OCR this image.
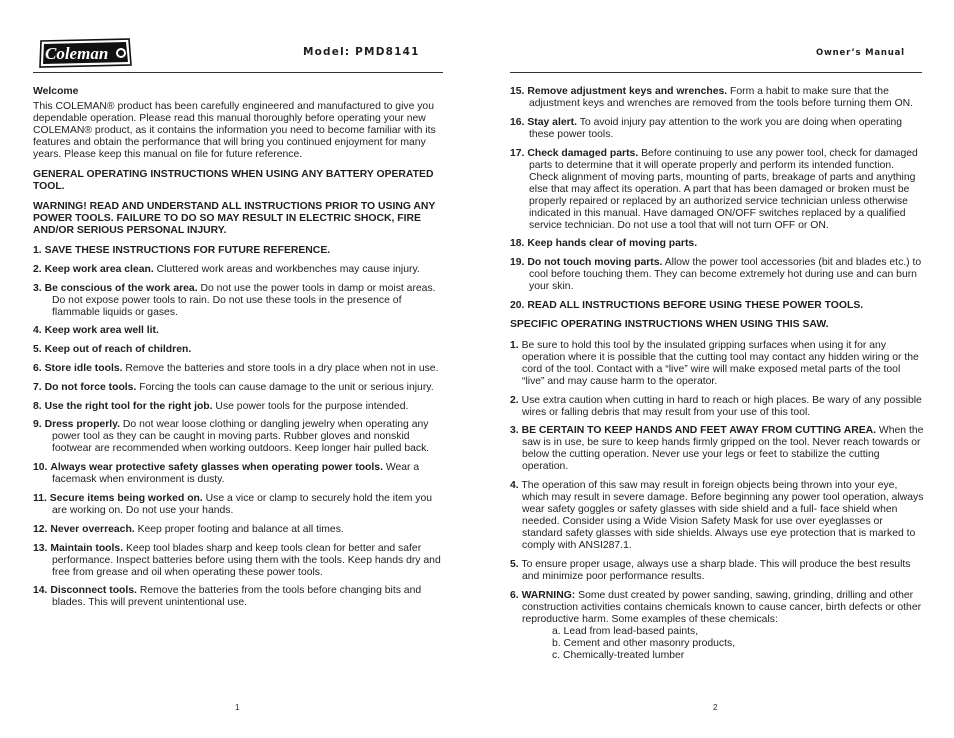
Coleman	Model: PMD8141

Welcome

This COLEMAN® product has been carefully engineered and manufactured to give you dependable operation. Please read this manual thoroughly before operating your new COLEMAN® product, as it contains the information you need to become familiar with its features and obtain the performance that will bring you continued enjoyment for many years. Please keep this manual on file for future reference.

GENERAL OPERATING INSTRUCTIONS WHEN USING ANY BATTERY OPERATED TOOL.

WARNING! READ AND UNDERSTAND ALL INSTRUCTIONS PRIOR TO USING ANY POWER TOOLS. FAILURE TO DO SO MAY RESULT IN ELECTRIC SHOCK, FIRE AND/OR SERIOUS PERSONAL INJURY.

1. SAVE THESE INSTRUCTIONS FOR FUTURE REFERENCE.

2. Keep work area clean. Cluttered work areas and workbenches may cause injury.

3. Be conscious of the work area. Do not use the power tools in damp or moist areas. Do not expose power tools to rain. Do not use these tools in the presence of flammable liquids or gases.

4. Keep work area well lit.

5. Keep out of reach of children.

6. Store idle tools. Remove the batteries and store tools in a dry place when not in use.

7. Do not force tools. Forcing the tools can cause damage to the unit or serious injury.

8. Use the right tool for the right job. Use power tools for the purpose intended.

9. Dress properly. Do not wear loose clothing or dangling jewelry when operating any power tool as they can be caught in moving parts. Rubber gloves and nonskid footwear are recommended when working outdoors. Keep longer hair pulled back.

10. Always wear protective safety glasses when operating power tools. Wear a facemask when environment is dusty.

11. Secure items being worked on. Use a vice or clamp to securely hold the item you are working on. Do not use your hands.

12. Never overreach. Keep proper footing and balance at all times.

13. Maintain tools. Keep tool blades sharp and keep tools clean for better and safer performance. Inspect batteries before using them with the tools. Keep hands dry and free from grease and oil when operating these power tools.

14. Disconnect tools. Remove the batteries from the tools before changing bits and blades. This will prevent unintentional use.

1
Owner’s Manual

15. Remove adjustment keys and wrenches. Form a habit to make sure that the adjustment keys and wrenches are removed from the tools before turning them ON.

16. Stay alert. To avoid injury pay attention to the work you are doing when operating these power tools.

17. Check damaged parts. Before continuing to use any power tool, check for damaged parts to determine that it will operate properly and perform its intended function. Check alignment of moving parts, mounting of parts, breakage of parts and anything else that may affect its operation. A part that has been damaged or broken must be properly repaired or replaced by an authorized service technician unless otherwise indicated in this manual. Have damaged ON/OFF switches replaced by a qualified service technician. Do not use a tool that will not turn OFF or ON.

18. Keep hands clear of moving parts.

19. Do not touch moving parts. Allow the power tool accessories (bit and blades etc.) to cool before touching them. They can become extremely hot during use and can burn your skin.

20. READ ALL INSTRUCTIONS BEFORE USING THESE POWER TOOLS.

SPECIFIC OPERATING INSTRUCTIONS WHEN USING THIS SAW.

1. Be sure to hold this tool by the insulated gripping surfaces when using it for any operation where it is possible that the cutting tool may contact any hidden wiring or the cord of the tool. Contact with a “live” wire will make exposed metal parts of the tool “live” and may cause harm to the operator.

2. Use extra caution when cutting in hard to reach or high places. Be wary of any possible wires or falling debris that may result from your use of this tool.

3. BE CERTAIN TO KEEP HANDS AND FEET AWAY FROM CUTTING AREA. When the saw is in use, be sure to keep hands firmly gripped on the tool. Never reach towards or below the cutting operation. Never use your legs or feet to stabilize the cutting operation.

4. The operation of this saw may result in foreign objects being thrown into your eye, which may result in severe damage. Before beginning any power tool operation, always wear safety goggles or safety glasses with side shield and a full- face shield when needed. Consider using a Wide Vision Safety Mask for use over eyeglasses or standard safety glasses with side shields. Always use eye protection that is marked to comply with ANSI287.1.

5. To ensure proper usage, always use a sharp blade. This will produce the best results and minimize poor performance results.

6. WARNING: Some dust created by power sanding, sawing, grinding, drilling and other construction activities contains chemicals known to cause cancer, birth defects or other reproductive harm. Some examples of these chemicals:

a. Lead from lead-based paints,

b. Cement and other masonry products,

c. Chemically-treated lumber

2
